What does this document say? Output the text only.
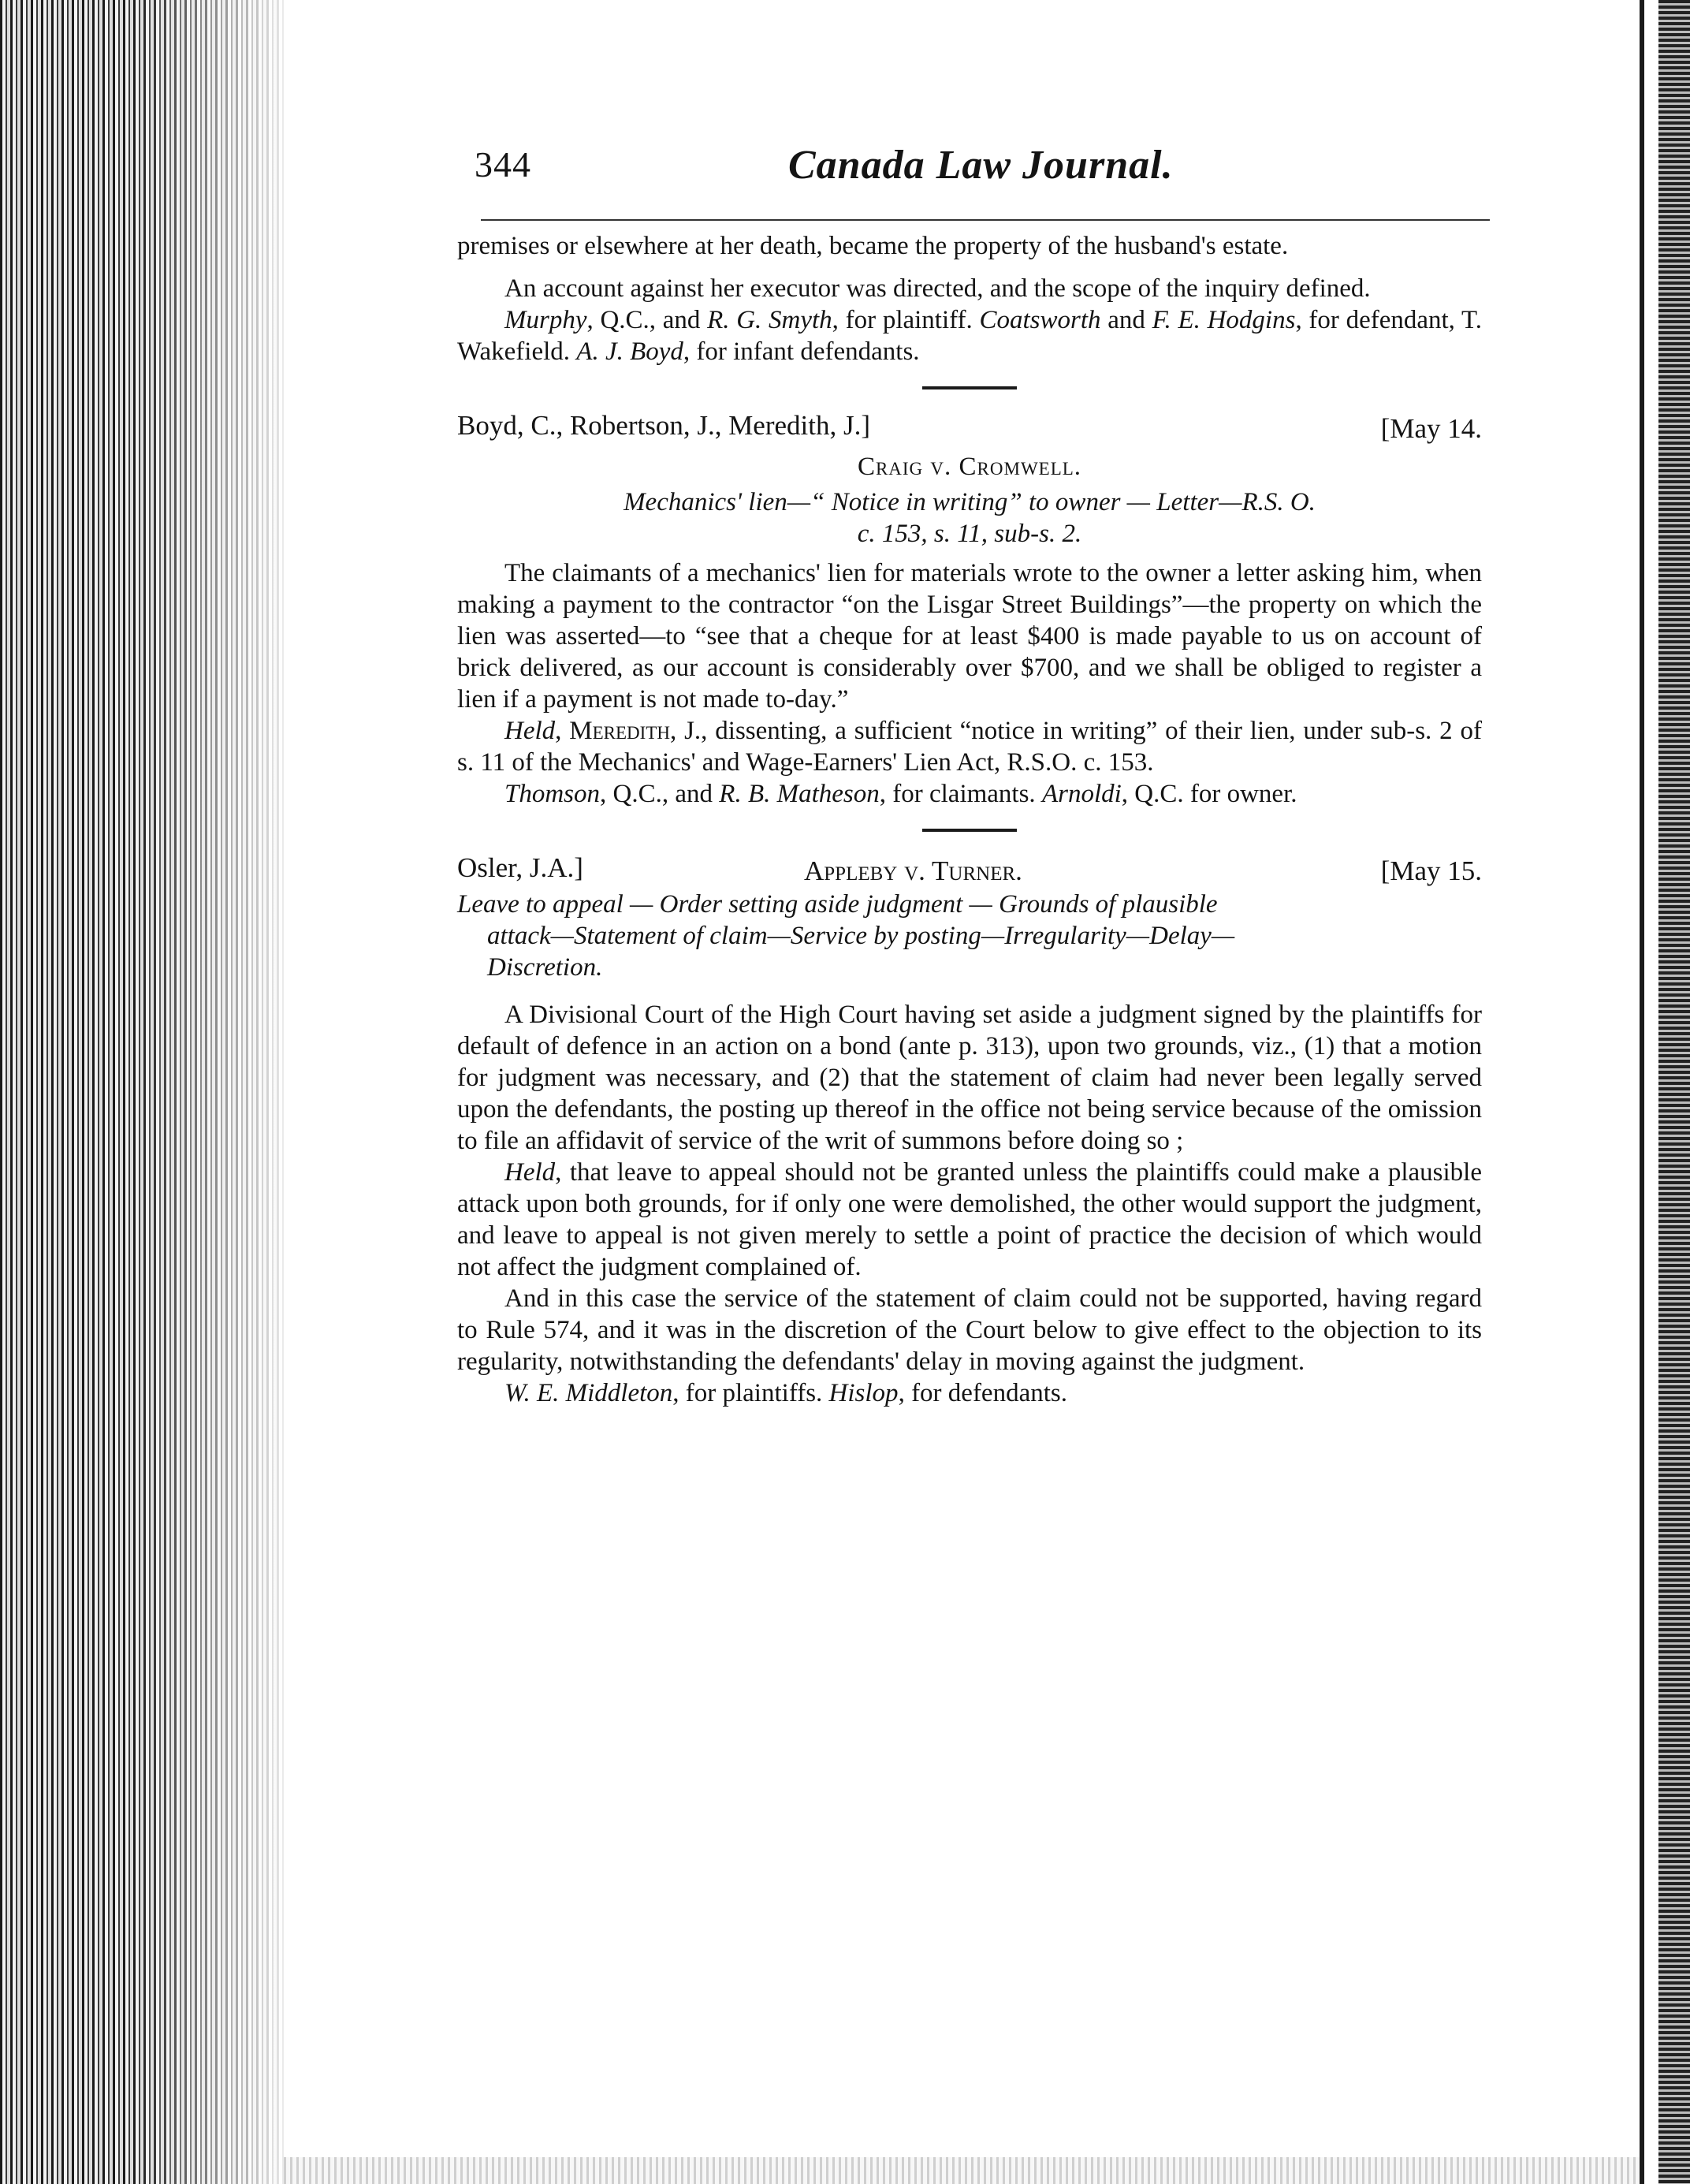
344	Canada Law Journal.

premises or elsewhere at her death, became the property of the husband's estate.

An account against her executor was directed, and the scope of the inquiry defined.

Murphy, Q.C., and R. G. Smyth, for plaintiff. Coatsworth and F. E. Hodgins, for defendant, T. Wakefield. A. J. Boyd, for infant defendants.

Boyd, C., Robertson, J., Meredith, J.]	[May 14.
Craig v. Cromwell.

Mechanics' lien—“ Notice in writing” to owner — Letter—R.S. O.
c. 153, s. 11, sub-s. 2.

The claimants of a mechanics' lien for materials wrote to the owner a letter asking him, when making a payment to the contractor “on the Lisgar Street Buildings”—the property on which the lien was asserted—to “see that a cheque for at least $400 is made payable to us on account of brick delivered, as our account is considerably over $700, and we shall be obliged to register a lien if a payment is not made to-day.”

Held, Meredith, J., dissenting, a sufficient “notice in writing” of their lien, under sub-s. 2 of s. 11 of the Mechanics' and Wage-Earners' Lien Act, R.S.O. c. 153.

Thomson, Q.C., and R. B. Matheson, for claimants. Arnoldi, Q.C. for owner.

Osler, J.A.]	Appleby v. Turner.	[May 15.

Leave to appeal — Order setting aside judgment — Grounds of plausible
attack—Statement of claim—Service by posting—Irregularity—Delay—
Discretion.

A Divisional Court of the High Court having set aside a judgment signed by the plaintiffs for default of defence in an action on a bond (ante p. 313), upon two grounds, viz., (1) that a motion for judgment was necessary, and (2) that the statement of claim had never been legally served upon the defendants, the posting up thereof in the office not being service because of the omission to file an affidavit of service of the writ of summons before doing so ;

Held, that leave to appeal should not be granted unless the plaintiffs could make a plausible attack upon both grounds, for if only one were demolished, the other would support the judgment, and leave to appeal is not given merely to settle a point of practice the decision of which would not affect the judgment complained of.

And in this case the service of the statement of claim could not be supported, having regard to Rule 574, and it was in the discretion of the Court below to give effect to the objection to its regularity, notwithstanding the defendants' delay in moving against the judgment.

W. E. Middleton, for plaintiffs. Hislop, for defendants.
